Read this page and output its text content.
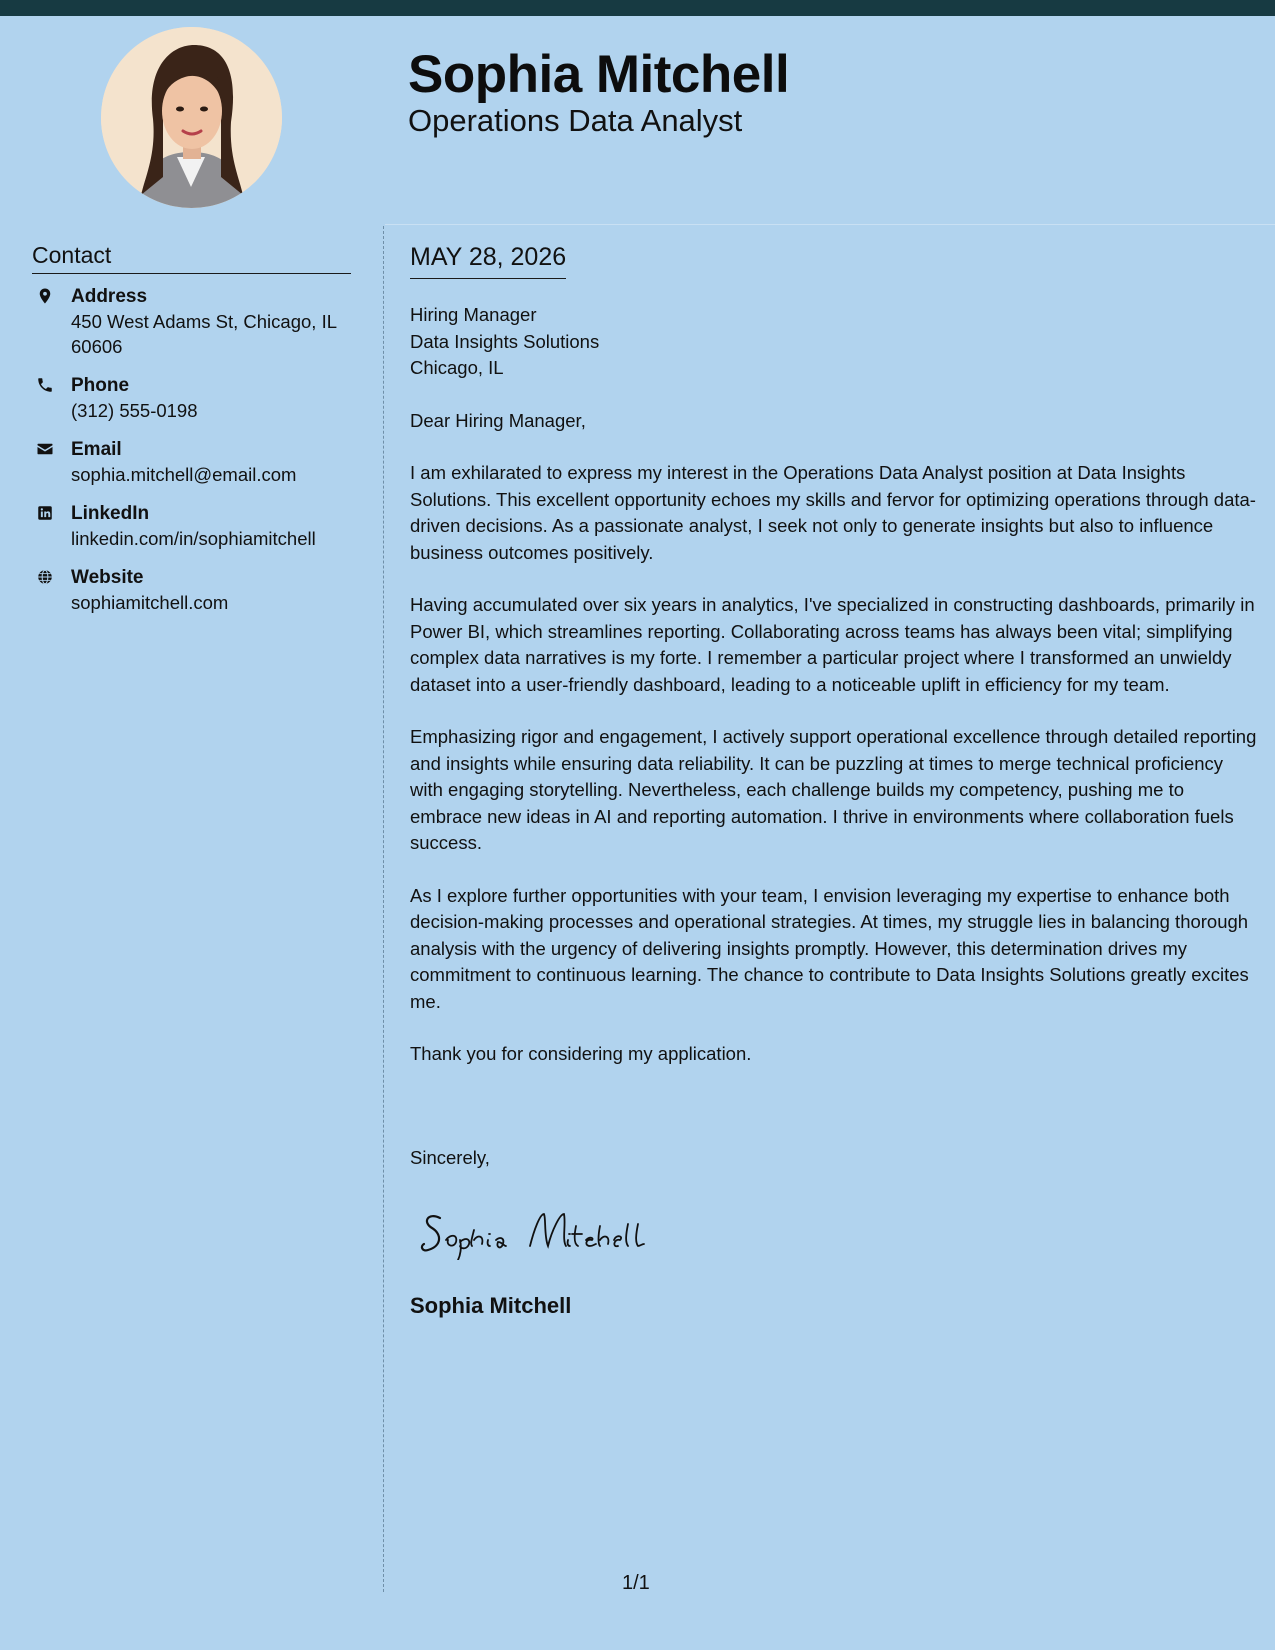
Sophia Mitchell
Operations Data Analyst
Contact
Address
450 West Adams St, Chicago, IL 60606
Phone
(312) 555-0198
Email
sophia.mitchell@email.com
LinkedIn
linkedin.com/in/sophiamitchell
Website
sophiamitchell.com
MAY 28, 2026
Hiring Manager
Data Insights Solutions
Chicago, IL

Dear Hiring Manager,

I am exhilarated to express my interest in the Operations Data Analyst position at Data Insights Solutions. This excellent opportunity echoes my skills and fervor for optimizing operations through data-driven decisions. As a passionate analyst, I seek not only to generate insights but also to influence business outcomes positively.

Having accumulated over six years in analytics, I've specialized in constructing dashboards, primarily in Power BI, which streamlines reporting. Collaborating across teams has always been vital; simplifying complex data narratives is my forte. I remember a particular project where I transformed an unwieldy dataset into a user-friendly dashboard, leading to a noticeable uplift in efficiency for my team.

Emphasizing rigor and engagement, I actively support operational excellence through detailed reporting and insights while ensuring data reliability. It can be puzzling at times to merge technical proficiency with engaging storytelling. Nevertheless, each challenge builds my competency, pushing me to embrace new ideas in AI and reporting automation. I thrive in environments where collaboration fuels success.

As I explore further opportunities with your team, I envision leveraging my expertise to enhance both decision-making processes and operational strategies. At times, my struggle lies in balancing thorough analysis with the urgency of delivering insights promptly. However, this determination drives my commitment to continuous learning. The chance to contribute to Data Insights Solutions greatly excites me.

Thank you for considering my application.

Sincerely,
Sophia Mitchell
1/1
